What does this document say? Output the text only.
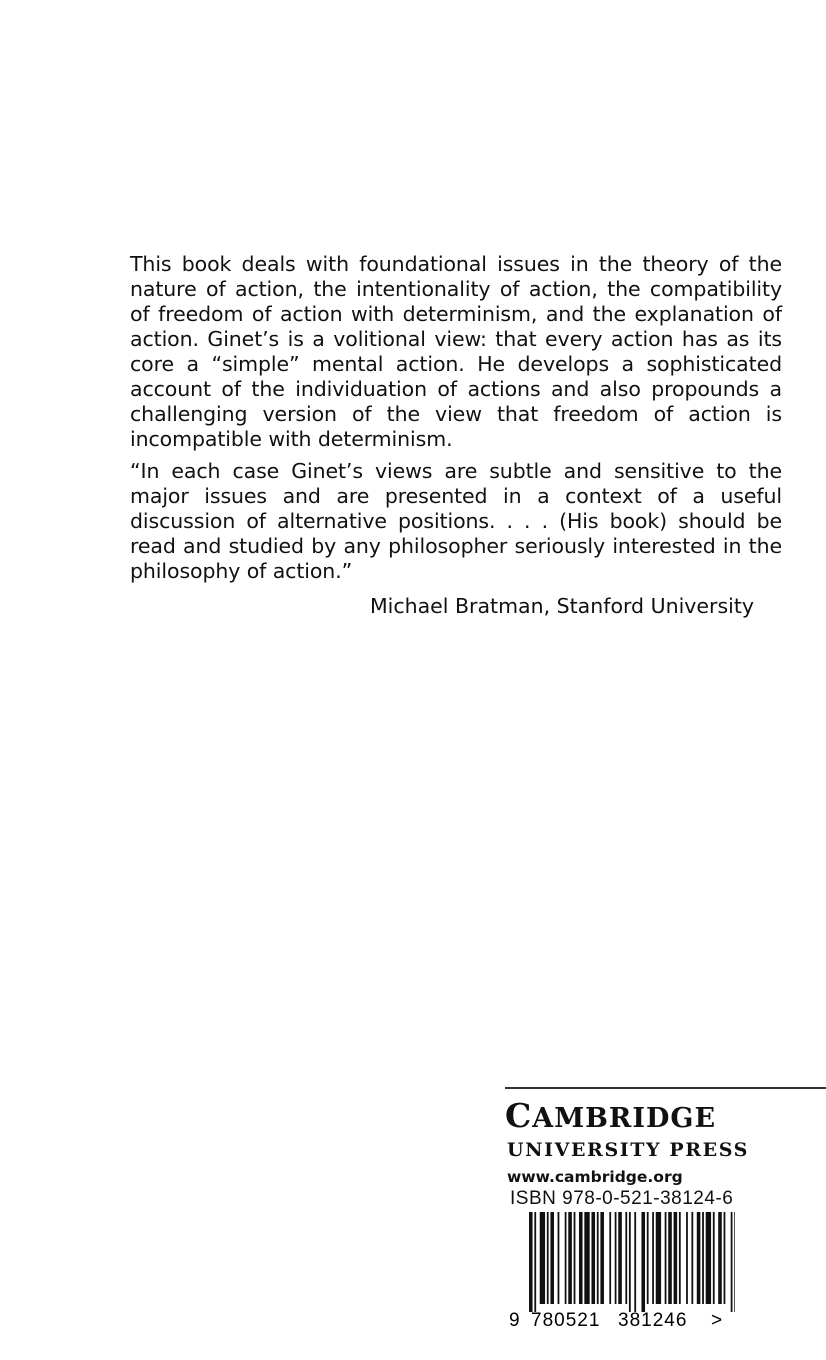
This book deals with foundational issues in the theory of the nature of action, the intentionality of action, the compatibility of freedom of action with determinism, and the explanation of action. Ginet’s is a volitional view: that every action has as its core a “simple” mental action. He develops a sophisticated account of the individuation of actions and also propounds a challenging version of the view that freedom of action is incompatible with determinism.

“In each case Ginet’s views are subtle and sensitive to the major issues and are presented in a context of a useful discussion of alternative positions. . . . (His book) should be read and studied by any philosopher seriously interested in the philosophy of action.”

Michael Bratman, Stanford University
CAMBRIDGE
UNIVERSITY PRESS
www.cambridge.org
ISBN 978-0-521-38124-6
9 780521 381246 >
